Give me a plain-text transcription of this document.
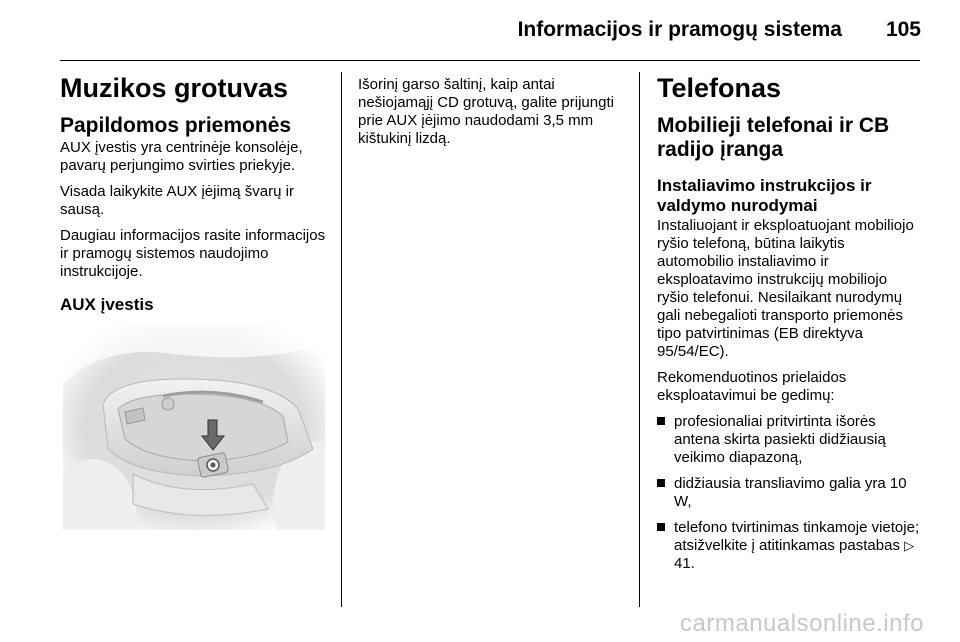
Informacijos ir pramogų sistema 105
Muzikos grotuvas
Papildomos priemonės

AUX įvestis yra centrinėje konsolėje, pavarų perjungimo svirties priekyje.

Visada laikykite AUX įėjimą švarų ir sausą.

Daugiau informacijos rasite informacijos ir pramogų sistemos naudojimo instrukcijoje.

AUX įvestis

Išorinį garso šaltinį, kaip antai nešiojamąjį CD grotuvą, galite prijungti prie AUX įėjimo naudodami 3,5 mm kištukinį lizdą.

Telefonas
Mobilieji telefonai ir CB radijo įranga
Instaliavimo instrukcijos ir valdymo nurodymai

Instaliuojant ir eksploatuojant mobiliojo ryšio telefoną, būtina laikytis automobilio instaliavimo ir eksploatavimo instrukcijų mobiliojo ryšio telefonui. Nesilaikant nurodymų gali nebegalioti transporto priemonės tipo patvirtinimas (EB direktyva 95/54/EC).

Rekomenduotinos prielaidos eksploatavimui be gedimų:

profesionaliai pritvirtinta išorės antena skirta pasiekti didžiausią veikimo diapazoną,
didžiausia transliavimo galia yra 10 W,
telefono tvirtinimas tinkamoje vietoje; atsižvelkite į atitinkamas pastabas ▷ 41.
carmanualsonline.info
